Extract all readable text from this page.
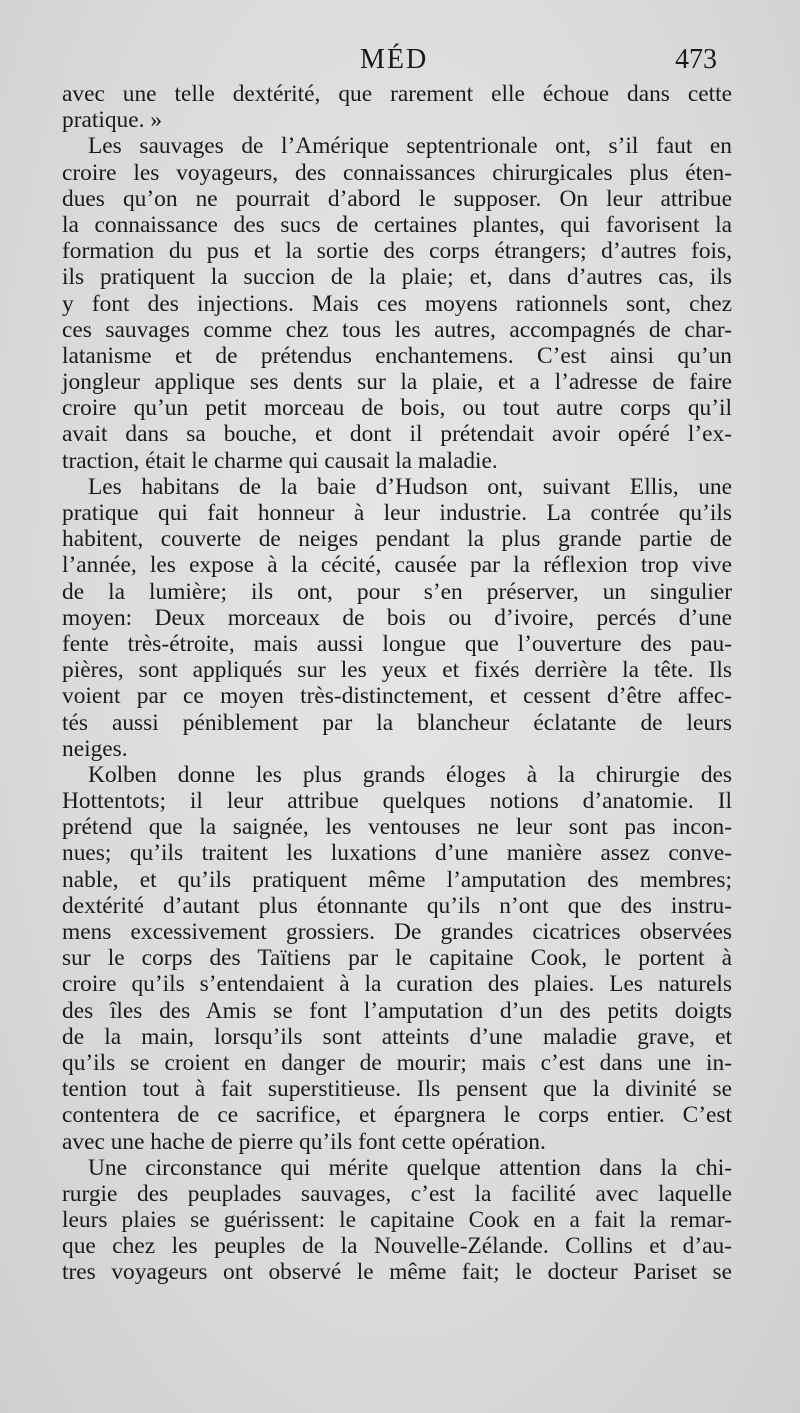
MÉD	473
avec une telle dextérité, que rarement elle échoue dans cette
pratique. »
Les sauvages de l’Amérique septentrionale ont, s’il faut en
croire les voyageurs, des connaissances chirurgicales plus éten-
dues qu’on ne pourrait d’abord le supposer. On leur attribue
la connaissance des sucs de certaines plantes, qui favorisent la
formation du pus et la sortie des corps étrangers; d’autres fois,
ils pratiquent la succion de la plaie; et, dans d’autres cas, ils
y font des injections. Mais ces moyens rationnels sont, chez
ces sauvages comme chez tous les autres, accompagnés de char-
latanisme et de prétendus enchantemens. C’est ainsi qu’un
jongleur applique ses dents sur la plaie, et a l’adresse de faire
croire qu’un petit morceau de bois, ou tout autre corps qu’il
avait dans sa bouche, et dont il prétendait avoir opéré l’ex-
traction, était le charme qui causait la maladie.
Les habitans de la baie d’Hudson ont, suivant Ellis, une
pratique qui fait honneur à leur industrie. La contrée qu’ils
habitent, couverte de neiges pendant la plus grande partie de
l’année, les expose à la cécité, causée par la réflexion trop vive
de la lumière; ils ont, pour s’en préserver, un singulier
moyen: Deux morceaux de bois ou d’ivoire, percés d’une
fente très-étroite, mais aussi longue que l’ouverture des pau-
pières, sont appliqués sur les yeux et fixés derrière la tête. Ils
voient par ce moyen très-distinctement, et cessent d’être affec-
tés aussi péniblement par la blancheur éclatante de leurs
neiges.
Kolben donne les plus grands éloges à la chirurgie des
Hottentots; il leur attribue quelques notions d’anatomie. Il
prétend que la saignée, les ventouses ne leur sont pas incon-
nues; qu’ils traitent les luxations d’une manière assez conve-
nable, et qu’ils pratiquent même l’amputation des membres;
dextérité d’autant plus étonnante qu’ils n’ont que des instru-
mens excessivement grossiers. De grandes cicatrices observées
sur le corps des Taïtiens par le capitaine Cook, le portent à
croire qu’ils s’entendaient à la curation des plaies. Les naturels
des îles des Amis se font l’amputation d’un des petits doigts
de la main, lorsqu’ils sont atteints d’une maladie grave, et
qu’ils se croient en danger de mourir; mais c’est dans une in-
tention tout à fait superstitieuse. Ils pensent que la divinité se
contentera de ce sacrifice, et épargnera le corps entier. C’est
avec une hache de pierre qu’ils font cette opération.
Une circonstance qui mérite quelque attention dans la chi-
rurgie des peuplades sauvages, c’est la facilité avec laquelle
leurs plaies se guérissent: le capitaine Cook en a fait la remar-
que chez les peuples de la Nouvelle-Zélande. Collins et d’au-
tres voyageurs ont observé le même fait; le docteur Pariset se
